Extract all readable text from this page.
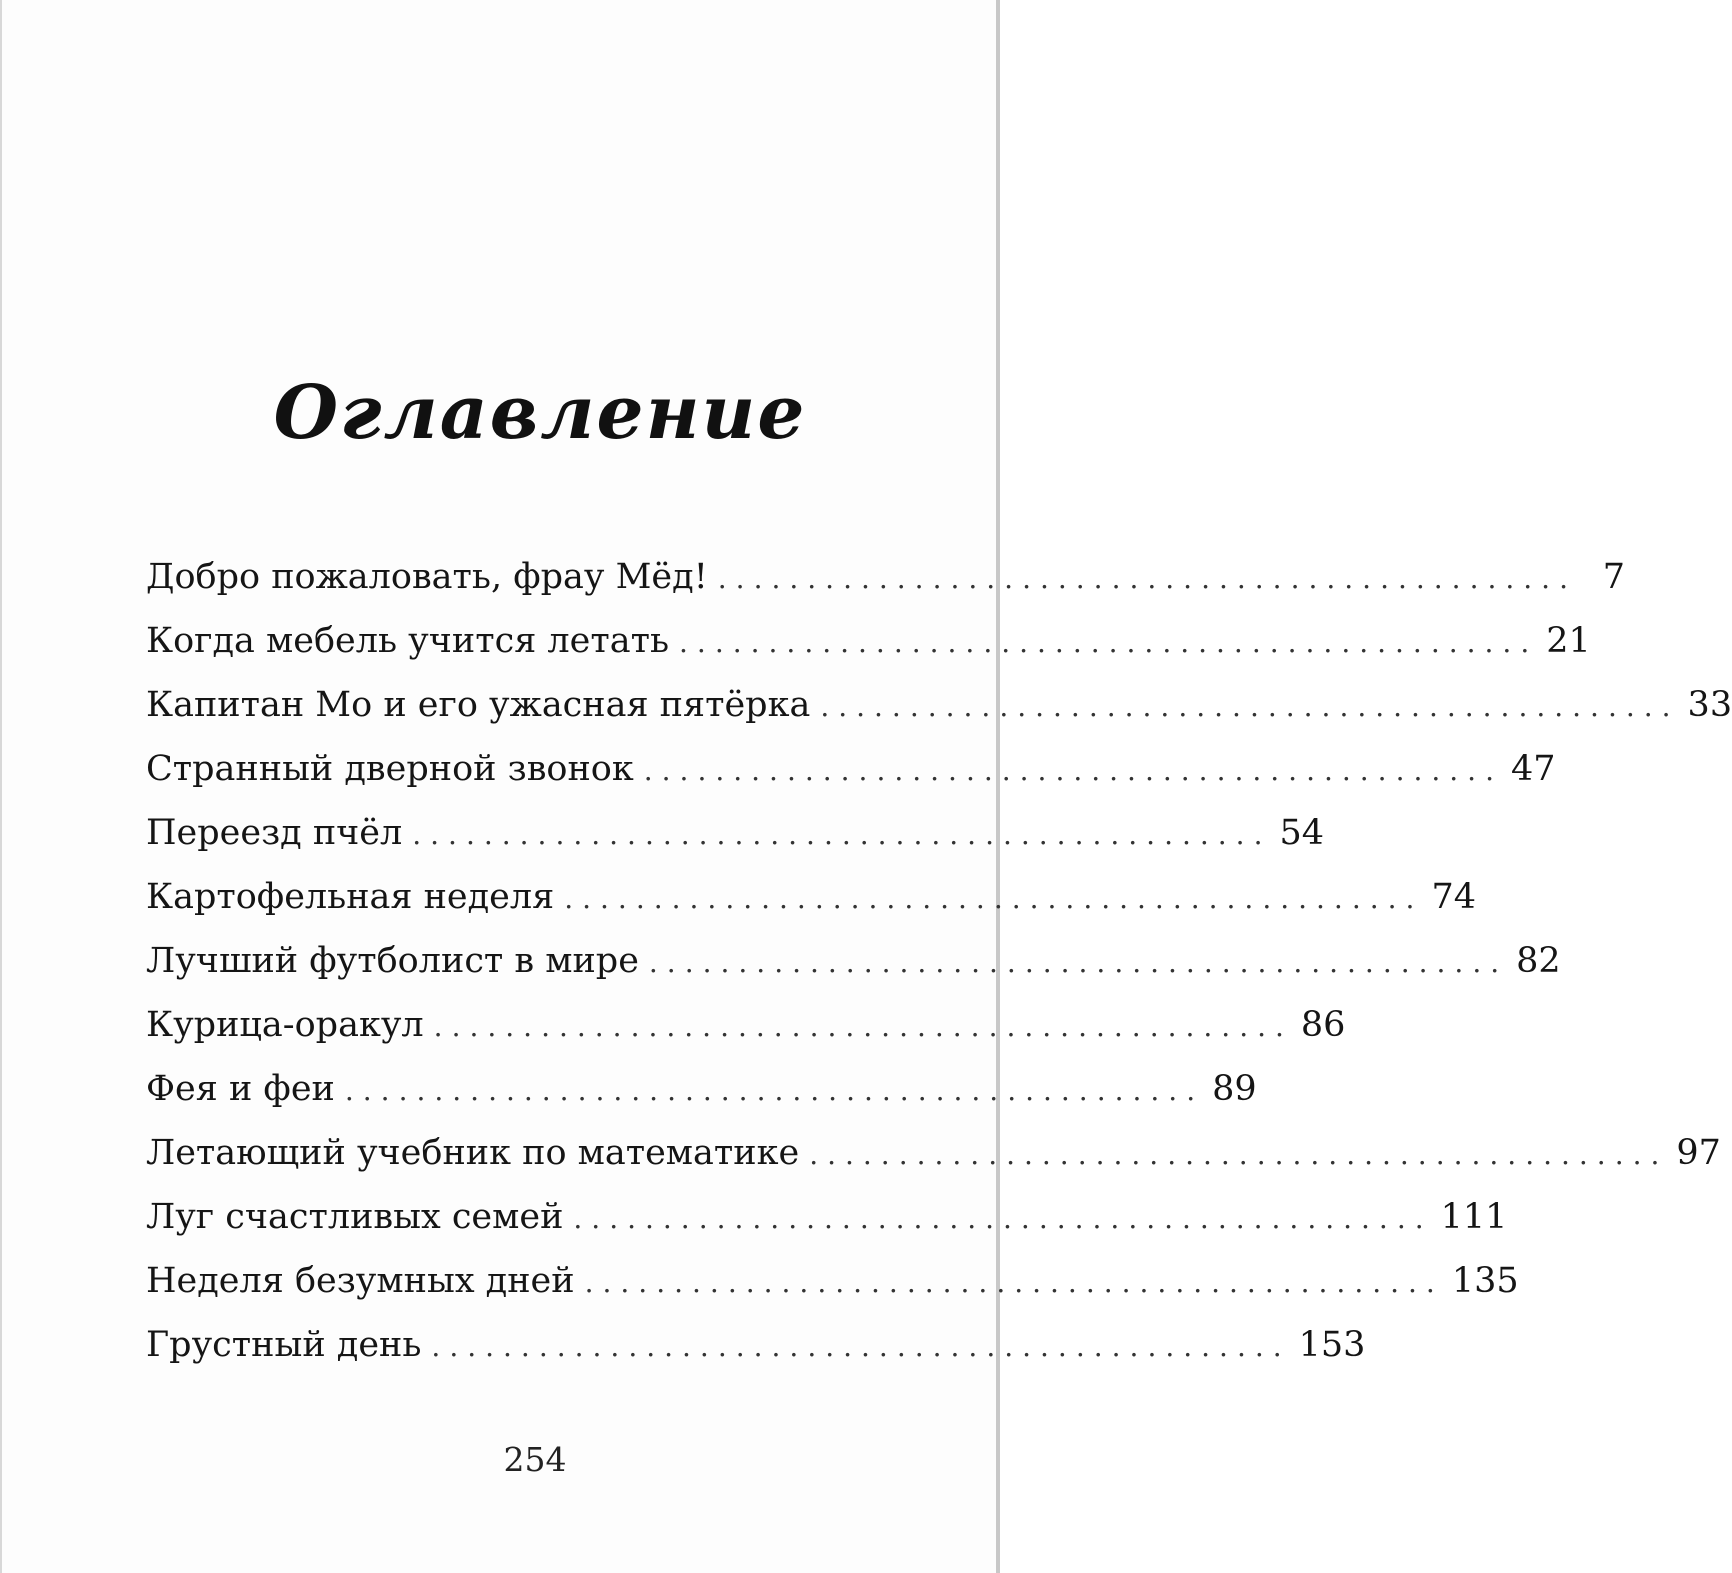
Оглавление
Добро пожаловать, фрау Мёд! ................................................ 7
Когда мебель учится летать ................................................ 21
Капитан Мо и его ужасная пятёрка ................................................ 33
Странный дверной звонок ................................................ 47
Переезд пчёл ................................................ 54
Картофельная неделя ................................................ 74
Лучший футболист в мире ................................................ 82
Курица-оракул ................................................ 86
Фея и феи ................................................ 89
Летающий учебник по математике ................................................ 97
Луг счастливых семей ................................................ 111
Неделя безумных дней ................................................ 135
Грустный день ................................................ 153
254
